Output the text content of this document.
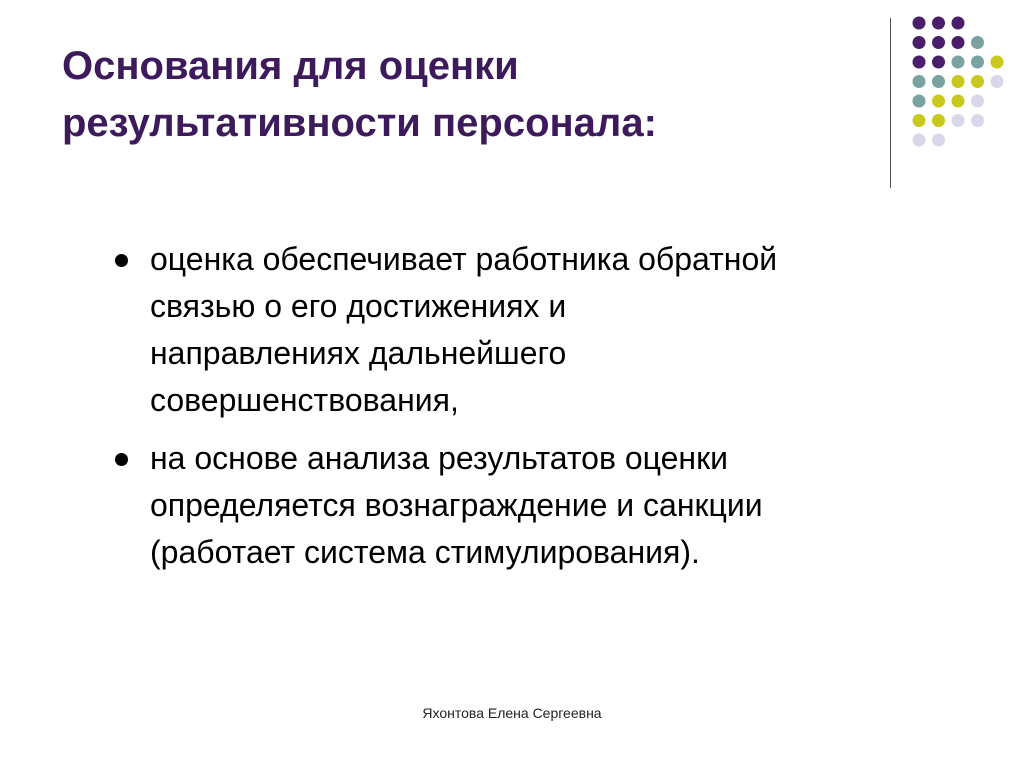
Основания для оценки
результативности персонала:
оценка обеспечивает работника обратной
связью о его достижениях и
направлениях дальнейшего
совершенствования,
на основе анализа результатов оценки
определяется вознаграждение и санкции
(работает система стимулирования).
Яхонтова Елена Сергеевна
